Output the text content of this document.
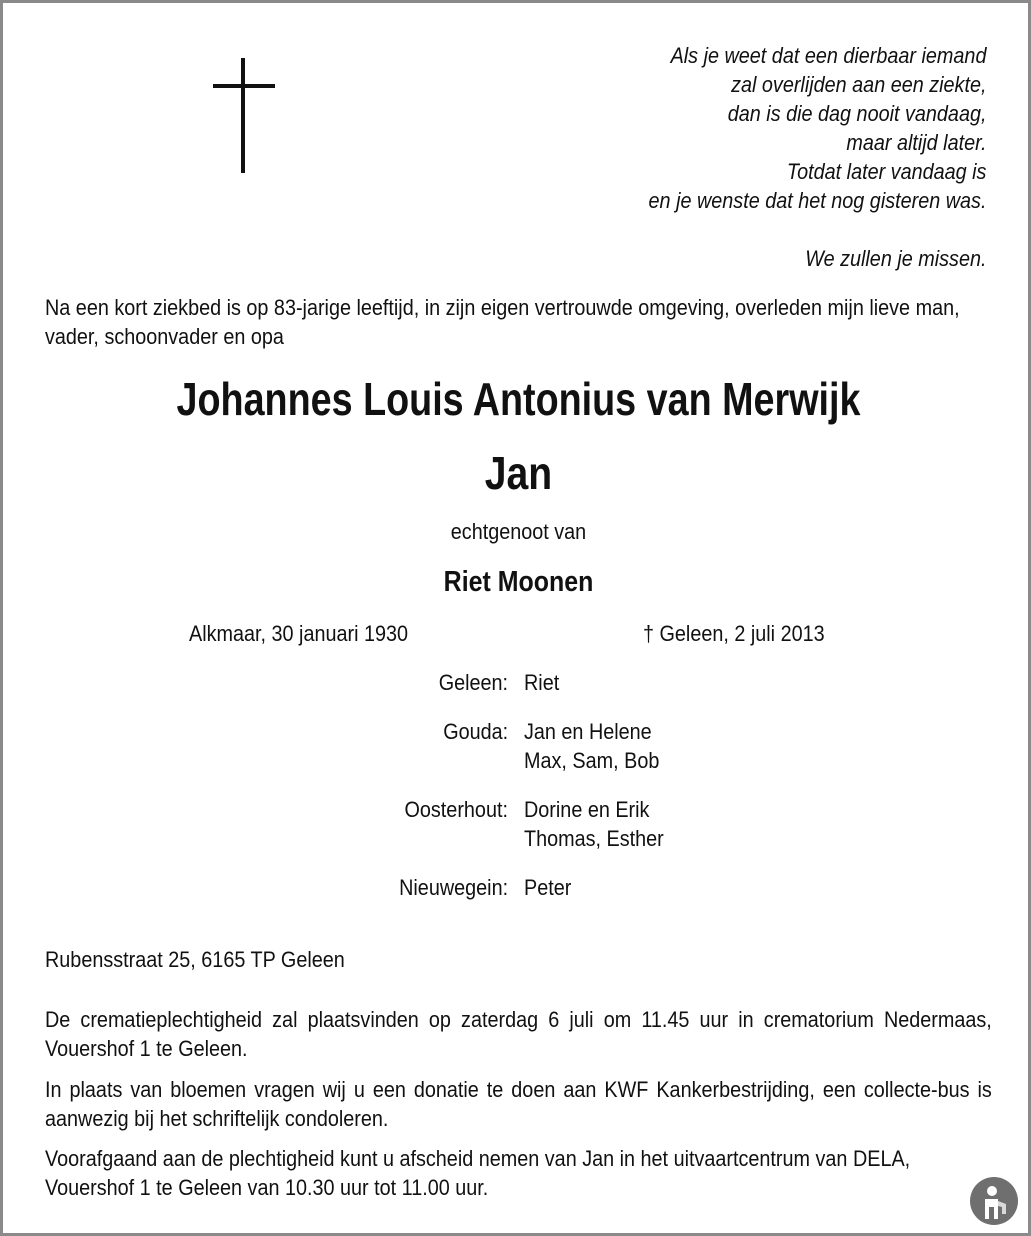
Als je weet dat een dierbaar iemand
zal overlijden aan een ziekte,
dan is die dag nooit vandaag,
maar altijd later.
Totdat later vandaag is
en je wenste dat het nog gisteren was.
We zullen je missen.
Na een kort ziekbed is op 83-jarige leeftijd, in zijn eigen vertrouwde omgeving, overleden mijn lieve man, vader, schoonvader en opa
Johannes Louis Antonius van Merwijk
Jan
echtgenoot van
Riet Moonen
Alkmaar, 30 januari 1930	† Geleen, 2 juli 2013
Geleen: Riet
Gouda: Jan en Helene
Max, Sam, Bob
Oosterhout: Dorine en Erik
Thomas, Esther
Nieuwegein: Peter
Rubensstraat 25, 6165 TP Geleen
De crematieplechtigheid zal plaatsvinden op zaterdag 6 juli om 11.45 uur in crematorium Nedermaas, Vouershof 1 te Geleen.
In plaats van bloemen vragen wij u een donatie te doen aan KWF Kankerbestrijding, een collecte-bus is aanwezig bij het schriftelijk condoleren.
Voorafgaand aan de plechtigheid kunt u afscheid nemen van Jan in het uitvaartcentrum van DELA, Vouershof 1 te Geleen van 10.30 uur tot 11.00 uur.
